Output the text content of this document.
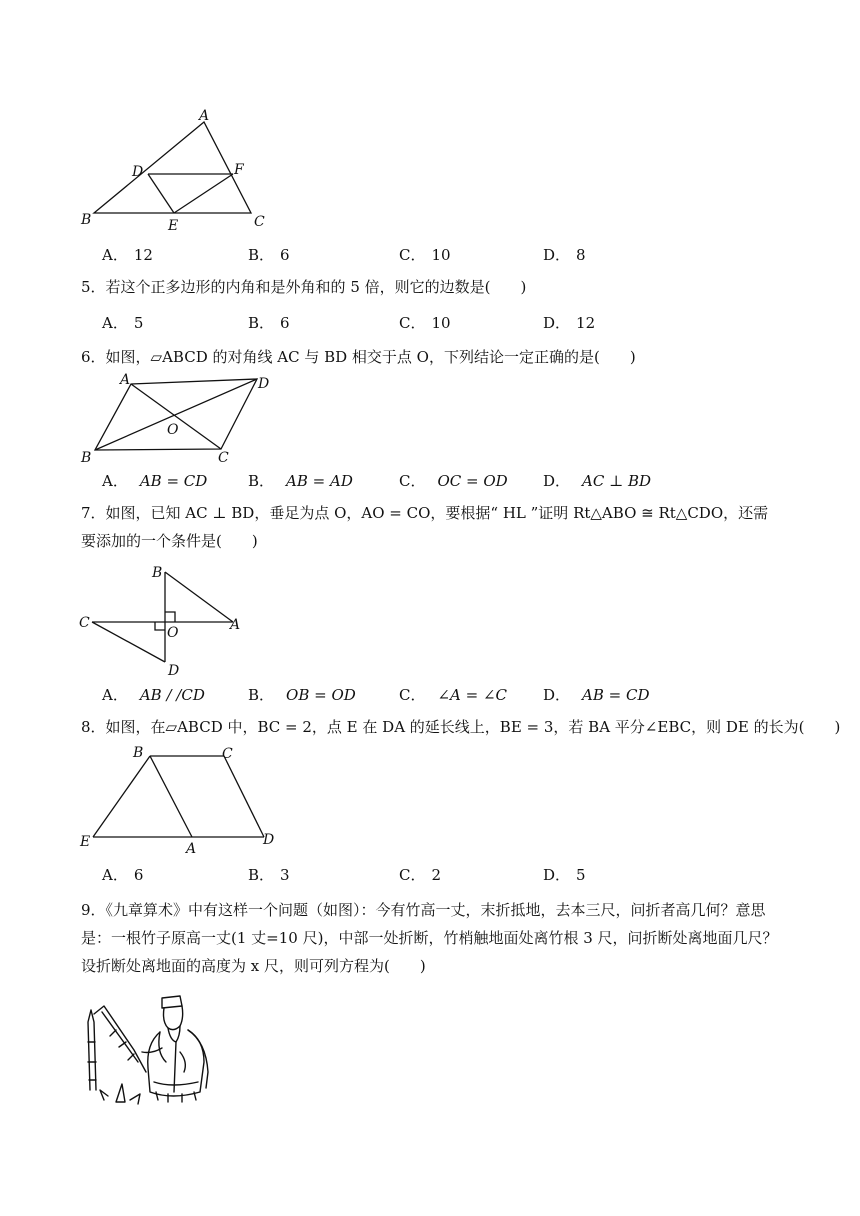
A
B	C
D
E
F
A． 12	B． 6	C． 10	D． 8
5．若这个正多边形的内角和是外角和的 5 倍，则它的边数是(　　)
A． 5	B． 6	C． 10	D． 12
6．如图，▱ABCD 的对角线 AC 与 BD 相交于点 O，下列结论一定正确的是(　　)
A	D
B	C
O
A． AB = CD	B． AB = AD	C． OC = OD D． AC ⊥ BD
7．如图，已知 AC ⊥ BD，垂足为点 O，AO = CO，要根据“ HL ”证明 Rt△ABO ≅ Rt△CDO，还需要添加的一个条件是(　　)
B
C
O	A
D
A． AB / /CD	B． OB = OD	C． ∠A = ∠C D． AB = CD
8．如图，在▱ABCD 中，BC = 2，点 E 在 DA 的延长线上，BE = 3，若 BA 平分∠EBC，则 DE 的长为(　　)
B	C
E	A
D
A． 6	B． 3	C． 2	D． 5
9．《九章算术》中有这样一个问题（如图）：今有竹高一丈，末折抵地，去本三尺，问折者高几何？意思是：一根竹子原高一丈(1 丈=10 尺)，中部一处折断，竹梢触地面处离竹根 3 尺，问折断处离地面几尺？设折断处离地面的高度为 x 尺，则可列方程为(　　)
